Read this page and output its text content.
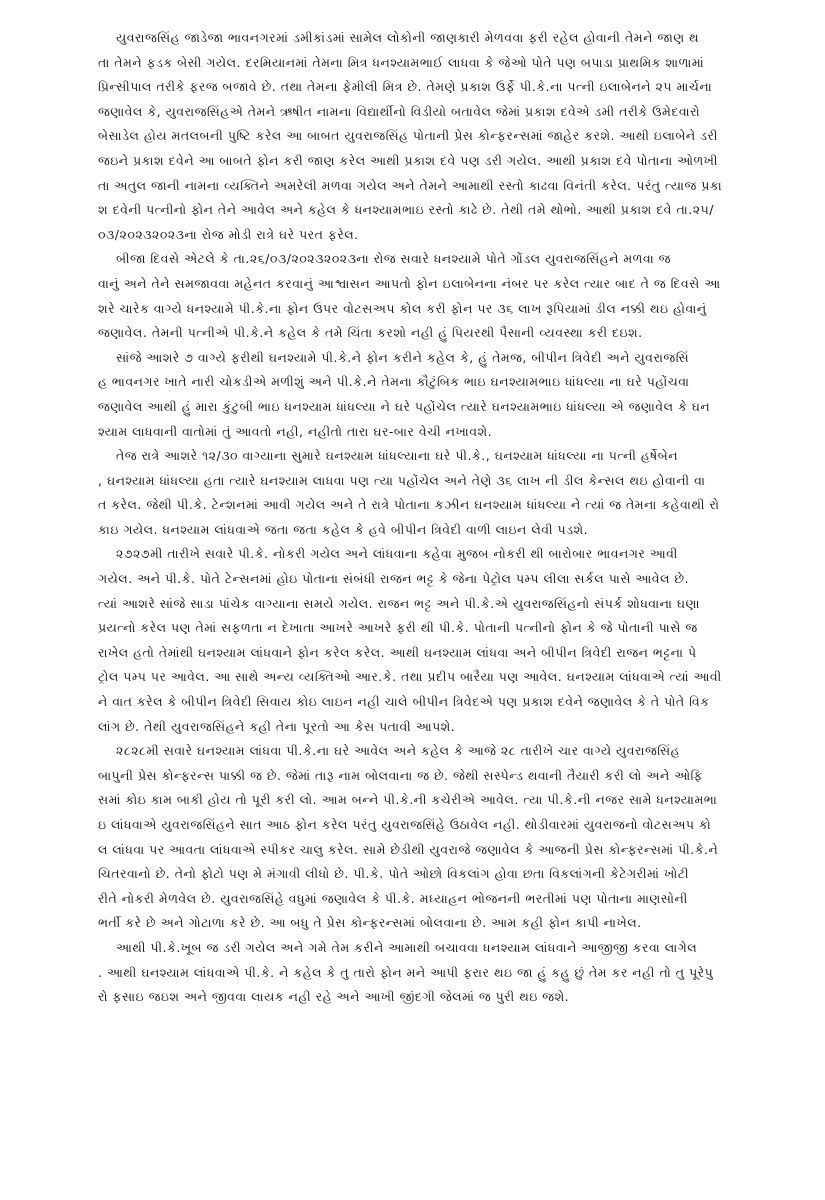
યુવરાજસિંહ જાડેજા ભાવનગરમાં ડમીકાંડમાં સામેલ લોકોની જાણકારી મેળવવા ફરી રહેલ હોવાની તેમને જાણ થ
તા તેમને ફડક બેસી ગયેલ. દરમિયાનમાં તેમના મિત્ર ધનશ્યામભાઈ લાધવા કે જેઓ પોતે પણ બપાડા પ્રાથમિક શાળામાં
પ્રિન્સીપાલ તરીકે ફરજ બજાવે છે. તથા તેમના ફેમીલી મિત્ર છે. તેમણે પ્રકાશ ઉર્ફે પી.કે.ના પત્ની ઇલાબેનને ૨૫ માર્ચના
જણાવેલ કે, યુવરાજસિંહએ તેમને ઋષીત નામના વિદ્યાર્થીનો વિડીયો બતાવેલ જેમાં પ્રકાશ દવેએ ડમી તરીકે ઉમેદવારો
બેસાડેલ હોય મતલબની પુષ્ટિ કરેલ આ બાબત યુવરાજસિંહ પોતાની પ્રેસ કોન્ફરન્સમાં જાહેર કરશે. આથી ઇલાબેને ડરી
જઇને પ્રકાશ દવેને આ બાબતે ફોન કરી જાણ કરેલ આથી પ્રકાશ દવે પણ ડરી ગયેલ. આથી પ્રકાશ દવે પોતાના ઓળખી
તા અતુલ જાની નામના વ્યક્તિને અમરેલી મળવા ગયેલ અને તેમને આમાથી રસ્તો કાઢવા વિનંતી કરેલ. પરંતુ ત્યાજ પ્રકા
શ દવેની પત્નીનો ફોન તેને આવેલ અને કહેલ કે ધનશ્યામભાઇ રસ્તો કાઢે છે. તેથી તમે થોભો. આથી પ્રકાશ દવે તા.૨૫/
૦૩/૨૦૨૩૨૦૨૩ના રોજ મોડી રાત્રે ઘરે પરત ફરેલ.
બીજા દિવસે એટલે કે તા.૨૬/૦૩/૨૦૨૩૨૦૨૩ના રોજ સવારે ધનશ્યામે પોતે ગોંડલ યુવરાજસિંહને મળવા જ
વાનું અને તેને સમજાવવા મહેનત કરવાનું આશ્વાસન આપતો ફોન ઇલાબેનના નંબર પર કરેલ ત્યાર બાદ તે જ દિવસે આ
શરે ચારેક વાગ્યે ધનશ્યામે પી.કે.ના ફોન ઉપર વોટસઅપ કોલ કરી ફોન પર ૩૬ લાખ રૂપિયામાં ડીલ નક્કી થઇ હોવાનું
જણાવેલ. તેમની પત્નીએ પી.કે.ને કહેલ કે તમે ચિંતા કરશો નહી હું પિયરથી પૈસાની વ્યવસ્થા કરી દઇશ.
સાંજે આશરે ૭ વાગ્યે ફરીથી ઘનશ્યામે પી.કે.ને ફોન કરીને કહેલ કે, હું તેમજ, બીપીન ત્રિવેદી અને યુવરાજસિં
હ ભાવનગર ખાતે નારી ચોકડીએ મળીશું અને પી.કે.ને તેમના કૌટુંબિક ભાઇ ઘનશ્યામભાઇ ધાંધલ્યા ના ઘરે પહોંચવા
જણાવેલ આથી હું મારા કુંટુબી ભાઇ ધનશ્યામ ધાંધલ્યા ને ઘરે પહોંચેલ ત્યારે ઘનશ્યામભાઇ ધાંધલ્યા એ જણાવેલ કે ઘન
શ્યામ લાધવાની વાતોમાં તું આવતો નહી, નહીતો તારા ઘર-બાર વેચી નખાવશે.
તેજ રાત્રે આશરે ૧૨/૩૦ વાગ્યાના સુમારે ઘનશ્યામ ધાંધલ્યાના ઘરે પી.કે., ઘનશ્યામ ધાંધલ્યા ના પત્ની હર્ષેબેન
, ઘનશ્યામ ધાંધલ્યા હતા ત્યારે ઘનશ્યામ લાધવા પણ ત્યા પહોંચેલ અને તેણે ૩૬ લાખ ની ડીલ કેન્સલ થઇ હોવાની વા
ત કરેલ. જેથી પી.કે. ટેન્શનમાં આવી ગયેલ અને તે રાત્રે પોતાના કઝીન ઘનશ્યામ ધાંધલ્યા ને ત્યાં જ તેમના કહેવાથી રો
કાઇ ગયેલ. ધનશ્યામ લાંધવાએ જતા જતા કહેલ કે હવે બીપીન ત્રિવેદી વાળી લાઇન લેવી પડશે.
૨૭૨૭મી તારીખે સવારે પી.કે. નોકરી ગયેલ અને લાંધવાના કહેવા મુજબ નોકરી થી બારોબાર ભાવનગર આવી
ગયેલ. અને પી.કે. પોતે ટેન્સનમાં હોઇ પોતાના સંબંધી રાજન ભટ્ટ કે જેના પેટ્રોલ પમ્પ લીલા સર્કલ પાસે આવેલ છે.
ત્યાં આશરે સાંજે સાડા પાંચેક વાગ્યાના સમયે ગયેલ. રાજન ભટ્ટ અને પી.કે.એ યુવરાજસિંહનો સંપર્ક શોધવાના ઘણા
પ્રયત્નો કરેલ પણ તેમાં સફળતા ન દેખાતા આખરે આખરે ફરી થી પી.કે. પોતાની પત્નીનો ફોન કે જે પોતાની પાસે જ
રાખેલ હતો તેમાંથી ઘનશ્યામ લાંધવાને ફોન કરેલ કરેલ. આથી ઘનશ્યામ લાંધવા અને બીપીન ત્રિવેદી રાજન ભટ્ટના પે
ટ્રોલ પમ્પ પર આવેલ. આ સાથે અન્ય વ્યક્તિઓ આર.કે. તથા પ્રદીપ બારૈયા પણ આવેલ. ઘનશ્યામ લાંધવાએ ત્યાં આવી
ને વાત કરેલ કે બીપીન ત્રિવેદી સિવાય કોઇ લાઇન નહી ચાલે બીપીન ત્રિવેદએ પણ પ્રકાશ દવેને જણાવેલ કે તે પોતે વિક
લાંગ છે. તેથી યુવરાજસિંહને કહી તેના પૂરતો આ કેસ પતાવી આપશે.
૨૮૨૮મી સવારે ઘનશ્યામ લાંધવા પી.કે.ના ઘરે આવેલ અને કહેલ કે આજે ૨૮ તારીખે ચાર વાગ્યે યુવરાજસિંહ
બાપુની પ્રેસ કોન્ફરન્સ પાક્કી જ છે. જેમાં તારૂ નામ બોલવાના જ છે. જેથી સસ્પેન્ડ થવાની તૈયારી કરી લો અને ઓફિ
સમાં કોઇ કામ બાકી હોય તો પૂરી કરી લો. આમ બન્ને પી.કે.ની કચેરીએ આવેલ. ત્યા પી.કે.ની નજર સામે ધનશ્યામભા
ઇ લાંધવાએ યુવરાજસિંહને સાત આઠ ફોન કરેલ પરંતુ યુવરાજસિંહે ઉઠાવેલ નહી. થોડીવારમાં યુવરાજનો વોટસઅપ કો
લ લાંધવા પર આવતા લાંધવાએ સ્પીકર ચાલુ કરેલ. સામે છેડીથી યુવરાજે જણાવેલ કે આજની પ્રેસ કોન્ફરન્સમાં પી.કે.ને
ચિતરવાનો છે. તેનો ફોટો પણ મે મંગાવી લીધો છે. પી.કે. પોતે ઓછો વિકલાંગ હોવા છતા વિકલાંગની કેટેગરીમાં ખોટી
રીતે નોકરી મેળવેલ છે. યુવરાજસિંહે વધુમાં જણાવેલ કે પી.કે. મધ્યાહન ભોજનની ભરતીમાં પણ પોતાના માણસોની
ભર્તી કરે છે અને ગોટાળા કરે છે. આ બધુ તે પ્રેસ કોન્ફરન્સમાં બોલવાના છે. આમ કહી ફોન કાપી નાખેલ.
આથી પી.કે.ખૂબ જ ડરી ગયેલ અને ગમે તેમ કરીને આમાથી બચાવવા ધનશ્યામ લાંધવાને આજીજી કરવા લાગેલ
. આથી ઘનશ્યામ લાંધવાએ પી.કે. ને કહેલ કે તુ તારો ફોન મને આપી ફરાર થઇ જા હું કહુ છું તેમ કર નહી તો તુ પૂરેપુ
રો ફસાઇ જઇશ અને જીવવા લાયક નહી રહે અને આખી જીંદગી જેલમાં જ પુરી થઇ જશે.
